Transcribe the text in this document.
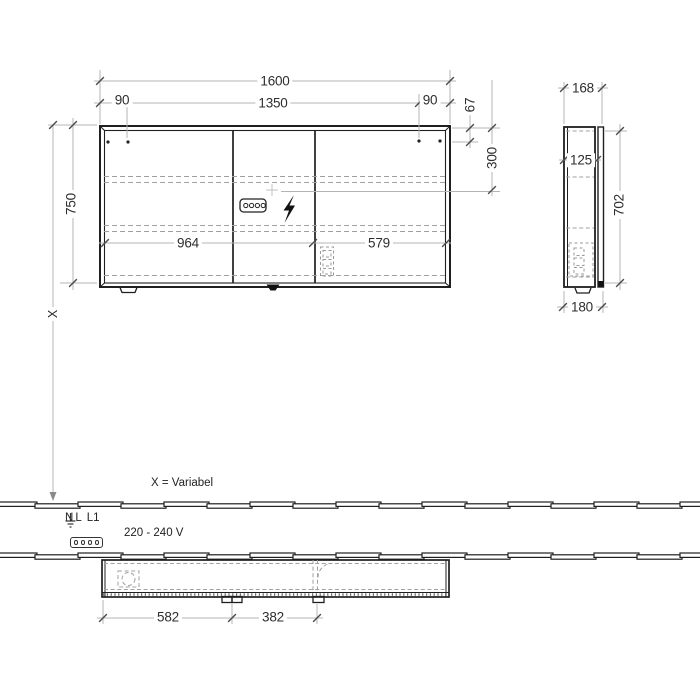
1600
1350
90	90
750
67
300
964	579
168
125
702
180
582	382
X
X = Variabel
N L L1
220 - 240 V
